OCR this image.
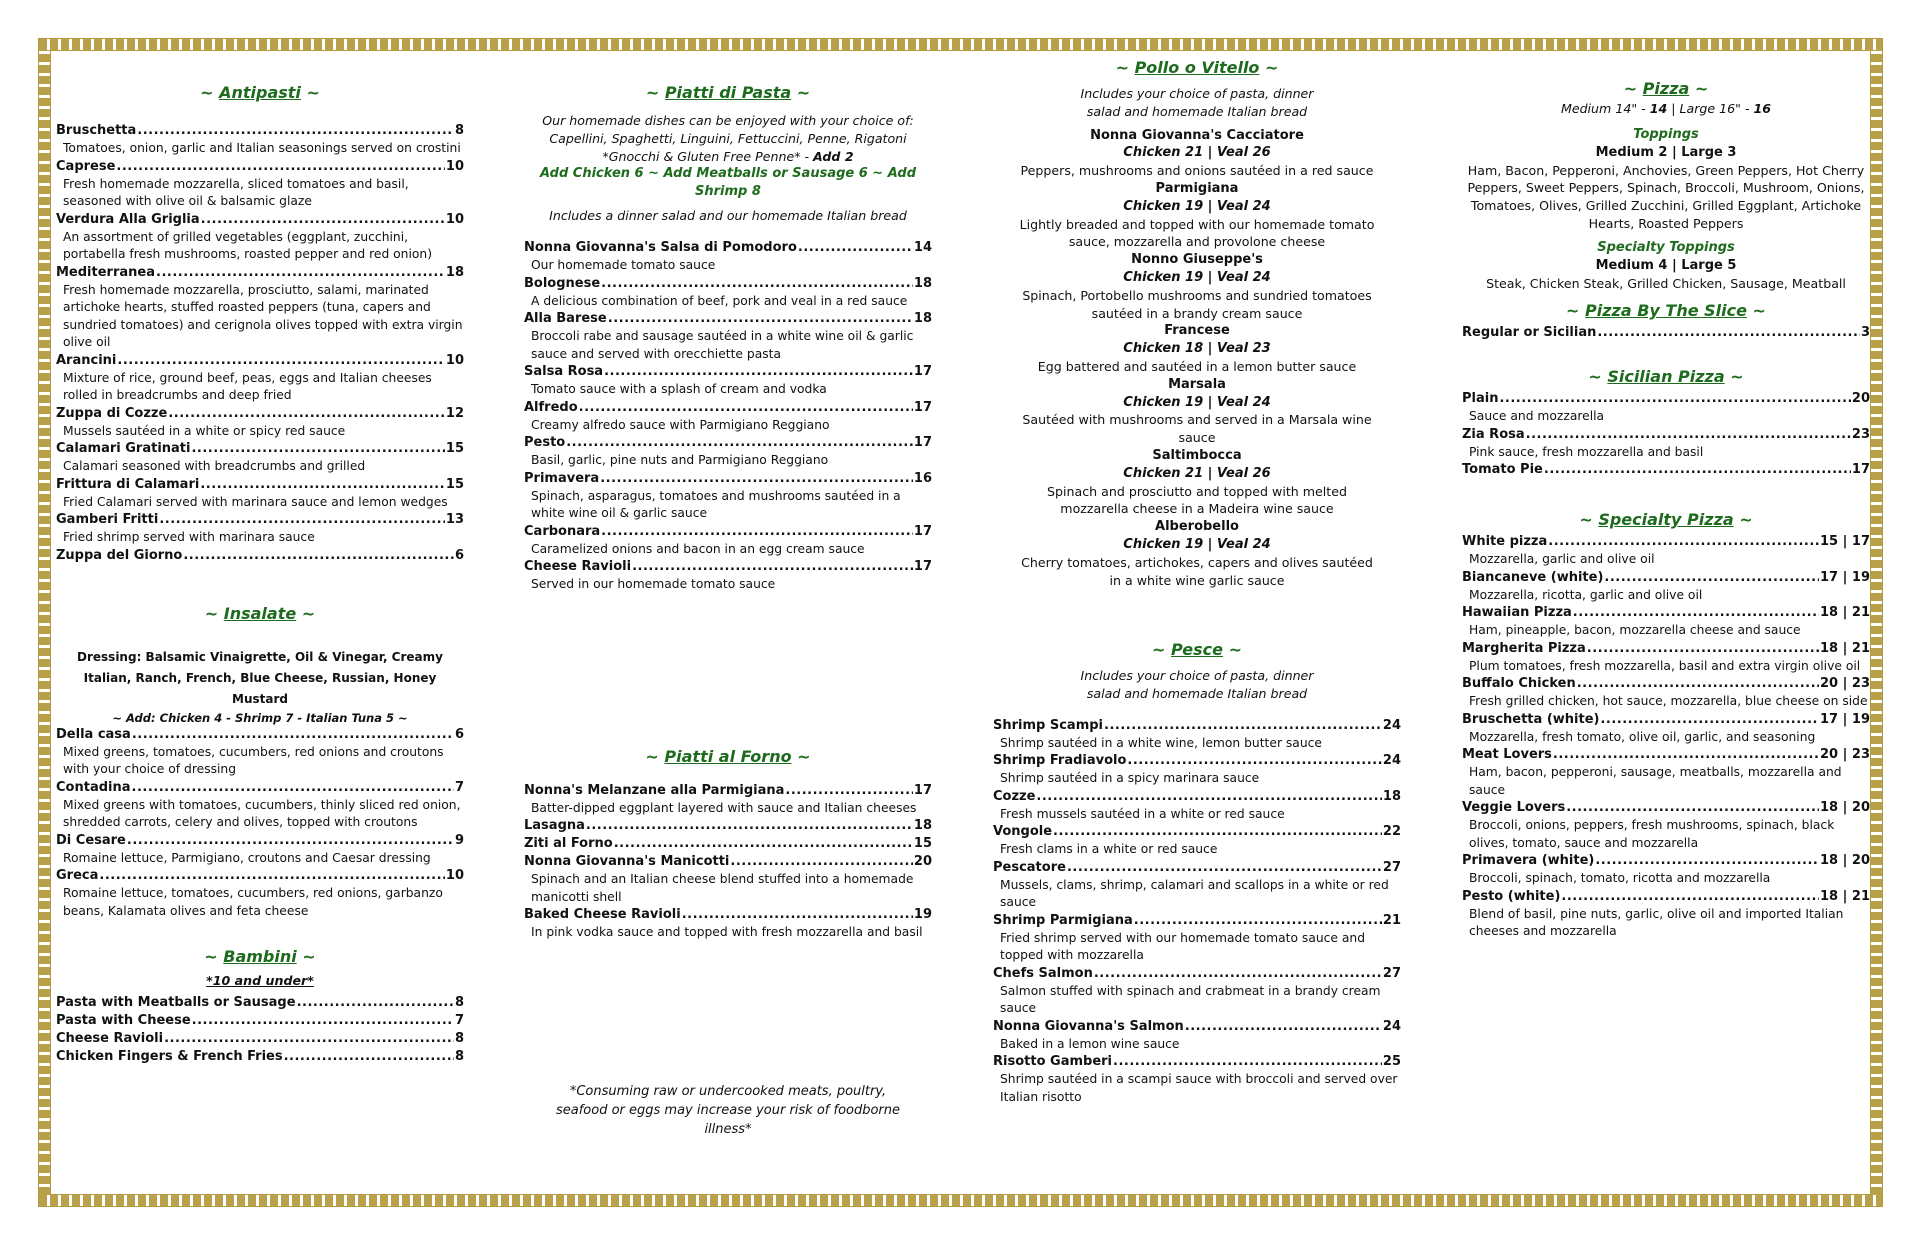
~ Antipasti ~
Bruschetta .....	8
Tomatoes, onion, garlic and Italian seasonings served on crostini
Caprese .....	10
Fresh homemade mozzarella, sliced tomatoes and basil, seasoned with olive oil & balsamic glaze
Verdura Alla Griglia .....	10
An assortment of grilled vegetables (eggplant, zucchini, portabella fresh mushrooms, roasted pepper and red onion)
Mediterranea .....	18
Fresh homemade mozzarella, prosciutto, salami, marinated artichoke hearts, stuffed roasted peppers (tuna, capers and sundried tomatoes) and cerignola olives topped with extra virgin olive oil
Arancini .....	10
Mixture of rice, ground beef, peas, eggs and Italian cheeses rolled in breadcrumbs and deep fried
Zuppa di Cozze .....	12
Mussels sautéed in a white or spicy red sauce
Calamari Gratinati .....	15
Calamari seasoned with breadcrumbs and grilled
Frittura di Calamari .....	15
Fried Calamari served with marinara sauce and lemon wedges
Gamberi Fritti .....	13
Fried shrimp served with marinara sauce
Zuppa del Giorno .....	6
~ Insalate ~
Dressing: Balsamic Vinaigrette, Oil & Vinegar, Creamy Italian, Ranch, French, Blue Cheese, Russian, Honey Mustard
~ Add: Chicken 4 - Shrimp 7 - Italian Tuna 5 ~
Della casa .....	6
Mixed greens, tomatoes, cucumbers, red onions and croutons with your choice of dressing
Contadina .....	7
Mixed greens with tomatoes, cucumbers, thinly sliced red onion, shredded carrots, celery and olives, topped with croutons
Di Cesare .....	9
Romaine lettuce, Parmigiano, croutons and Caesar dressing
Greca .....	10
Romaine lettuce, tomatoes, cucumbers, red onions, garbanzo beans, Kalamata olives and feta cheese
~ Bambini ~
*10 and under*
Pasta with Meatballs or Sausage .....	8
Pasta with Cheese .....	7
Cheese Ravioli .....	8
Chicken Fingers & French Fries .....	8
~ Piatti di Pasta ~
Our homemade dishes can be enjoyed with your choice of:
Capellini, Spaghetti, Linguini, Fettuccini, Penne, Rigatoni
*Gnocchi & Gluten Free Penne* - Add 2
Add Chicken 6 ~ Add Meatballs or Sausage 6 ~ Add Shrimp 8
Includes a dinner salad and our homemade Italian bread
Nonna Giovanna's Salsa di Pomodoro .....	14
Our homemade tomato sauce
Bolognese .....	18
A delicious combination of beef, pork and veal in a red sauce
Alla Barese .....	18
Broccoli rabe and sausage sautéed in a white wine oil & garlic sauce and served with orecchiette pasta
Salsa Rosa .....	17
Tomato sauce with a splash of cream and vodka
Alfredo .....	17
Creamy alfredo sauce with Parmigiano Reggiano
Pesto .....	17
Basil, garlic, pine nuts and Parmigiano Reggiano
Primavera .....	16
Spinach, asparagus, tomatoes and mushrooms sautéed in a white wine oil & garlic sauce
Carbonara .....	17
Caramelized onions and bacon in an egg cream sauce
Cheese Ravioli .....	17
Served in our homemade tomato sauce
~ Piatti al Forno ~
Nonna's Melanzane alla Parmigiana .....	17
Batter-dipped eggplant layered with sauce and Italian cheeses
Lasagna .....	18
Ziti al Forno .....	15
Nonna Giovanna's Manicotti .....	20
Spinach and an Italian cheese blend stuffed into a homemade manicotti shell
Baked Cheese Ravioli .....	19
In pink vodka sauce and topped with fresh mozzarella and basil
*Consuming raw or undercooked meats, poultry, seafood or eggs may increase your risk of foodborne illness*
~ Pollo o Vitello ~
Includes your choice of pasta, dinner salad and homemade Italian bread
Nonna Giovanna's Cacciatore
Chicken 21 | Veal 26
Peppers, mushrooms and onions sautéed in a red sauce
Parmigiana
Chicken 19 | Veal 24
Lightly breaded and topped with our homemade tomato sauce, mozzarella and provolone cheese
Nonno Giuseppe's
Chicken 19 | Veal 24
Spinach, Portobello mushrooms and sundried tomatoes sautéed in a brandy cream sauce
Francese
Chicken 18 | Veal 23
Egg battered and sautéed in a lemon butter sauce
Marsala
Chicken 19 | Veal 24
Sautéed with mushrooms and served in a Marsala wine sauce
Saltimbocca
Chicken 21 | Veal 26
Spinach and prosciutto and topped with melted mozzarella cheese in a Madeira wine sauce
Alberobello
Chicken 19 | Veal 24
Cherry tomatoes, artichokes, capers and olives sautéed in a white wine garlic sauce
~ Pesce ~
Includes your choice of pasta, dinner salad and homemade Italian bread
Shrimp Scampi .....	24
Shrimp sautéed in a white wine, lemon butter sauce
Shrimp Fradiavolo .....	24
Shrimp sautéed in a spicy marinara sauce
Cozze .....	18
Fresh mussels sautéed in a white or red sauce
Vongole .....	22
Fresh clams in a white or red sauce
Pescatore .....	27
Mussels, clams, shrimp, calamari and scallops in a white or red sauce
Shrimp Parmigiana .....	21
Fried shrimp served with our homemade tomato sauce and topped with mozzarella
Chefs Salmon .....	27
Salmon stuffed with spinach and crabmeat in a brandy cream sauce
Nonna Giovanna's Salmon .....	24
Baked in a lemon wine sauce
Risotto Gamberi .....	25
Shrimp sautéed in a scampi sauce with broccoli and served over Italian risotto
~ Pizza ~
Medium 14" - 14 | Large 16" - 16
Toppings
Medium 2 | Large 3
Ham, Bacon, Pepperoni, Anchovies, Green Peppers, Hot Cherry Peppers, Sweet Peppers, Spinach, Broccoli, Mushroom, Onions, Tomatoes, Olives, Grilled Zucchini, Grilled Eggplant, Artichoke Hearts, Roasted Peppers
Specialty Toppings
Medium 4 | Large 5
Steak, Chicken Steak, Grilled Chicken, Sausage, Meatball
~ Pizza By The Slice ~
Regular or Sicilian .....	3
~ Sicilian Pizza ~
Plain .....	20
Sauce and mozzarella
Zia Rosa .....	23
Pink sauce, fresh mozzarella and basil
Tomato Pie .....	17
~ Specialty Pizza ~
White pizza .....	15 | 17
Mozzarella, garlic and olive oil
Biancaneve (white) .....	17 | 19
Mozzarella, ricotta, garlic and olive oil
Hawaiian Pizza .....	18 | 21
Ham, pineapple, bacon, mozzarella cheese and sauce
Margherita Pizza .....	18 | 21
Plum tomatoes, fresh mozzarella, basil and extra virgin olive oil
Buffalo Chicken .....	20 | 23
Fresh grilled chicken, hot sauce, mozzarella, blue cheese on side
Bruschetta (white) .....	17 | 19
Mozzarella, fresh tomato, olive oil, garlic, and seasoning
Meat Lovers .....	20 | 23
Ham, bacon, pepperoni, sausage, meatballs, mozzarella and sauce
Veggie Lovers .....	18 | 20
Broccoli, onions, peppers, fresh mushrooms, spinach, black olives, tomato, sauce and mozzarella
Primavera (white) .....	18 | 20
Broccoli, spinach, tomato, ricotta and mozzarella
Pesto (white) .....	18 | 21
Blend of basil, pine nuts, garlic, olive oil and imported Italian cheeses and mozzarella
